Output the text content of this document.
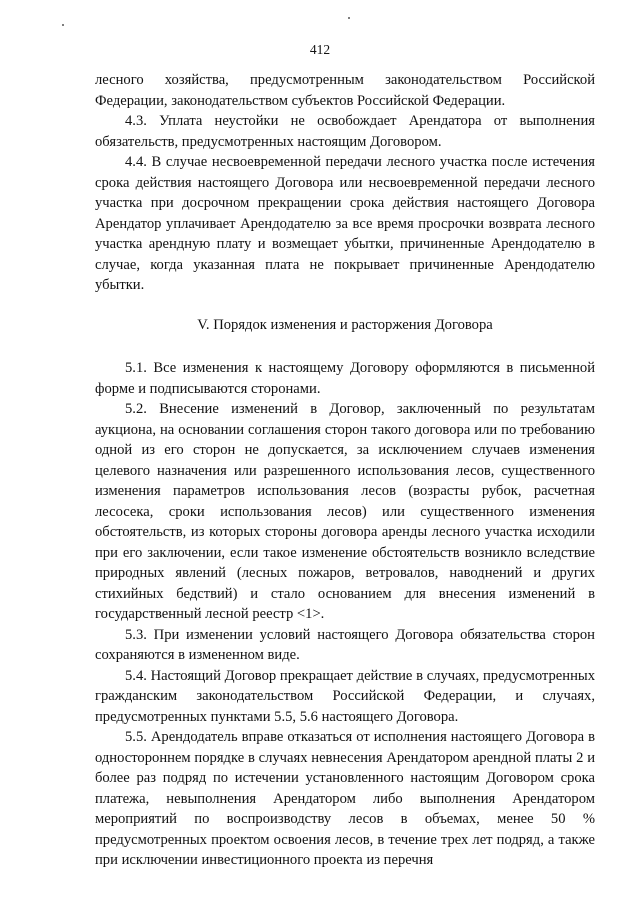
412

лесного хозяйства, предусмотренным законодательством Российской Федерации, законодательством субъектов Российской Федерации.

4.3. Уплата неустойки не освобождает Арендатора от выполнения обязательств, предусмотренных настоящим Договором.

4.4. В случае несвоевременной передачи лесного участка после истечения срока действия настоящего Договора или несвоевременной передачи лесного участка при досрочном прекращении срока действия настоящего Договора Арендатор уплачивает Арендодателю за все время просрочки возврата лесного участка арендную плату и возмещает убытки, причиненные Арендодателю в случае, когда указанная плата не покрывает причиненные Арендодателю убытки.

V. Порядок изменения и расторжения Договора

5.1. Все изменения к настоящему Договору оформляются в письменной форме и подписываются сторонами.

5.2. Внесение изменений в Договор, заключенный по результатам аукциона, на основании соглашения сторон такого договора или по требованию одной из его сторон не допускается, за исключением случаев изменения целевого назначения или разрешенного использования лесов, существенного изменения параметров использования лесов (возрасты рубок, расчетная лесосека, сроки использования лесов) или существенного изменения обстоятельств, из которых стороны договора аренды лесного участка исходили при его заключении, если такое изменение обстоятельств возникло вследствие природных явлений (лесных пожаров, ветровалов, наводнений и других стихийных бедствий) и стало основанием для внесения изменений в государственный лесной реестр <1>.

5.3. При изменении условий настоящего Договора обязательства сторон сохраняются в измененном виде.

5.4. Настоящий Договор прекращает действие в случаях, предусмотренных гражданским законодательством Российской Федерации, и случаях, предусмотренных пунктами 5.5, 5.6 настоящего Договора.

5.5. Арендодатель вправе отказаться от исполнения настоящего Договора в одностороннем порядке в случаях невнесения Арендатором арендной платы 2 и более раз подряд по истечении установленного настоящим Договором срока платежа, невыполнения Арендатором либо выполнения Арендатором мероприятий по воспроизводству лесов в объемах, менее 50 % предусмотренных проектом освоения лесов, в течение трех лет подряд, а также при исключении инвестиционного проекта из перечня
